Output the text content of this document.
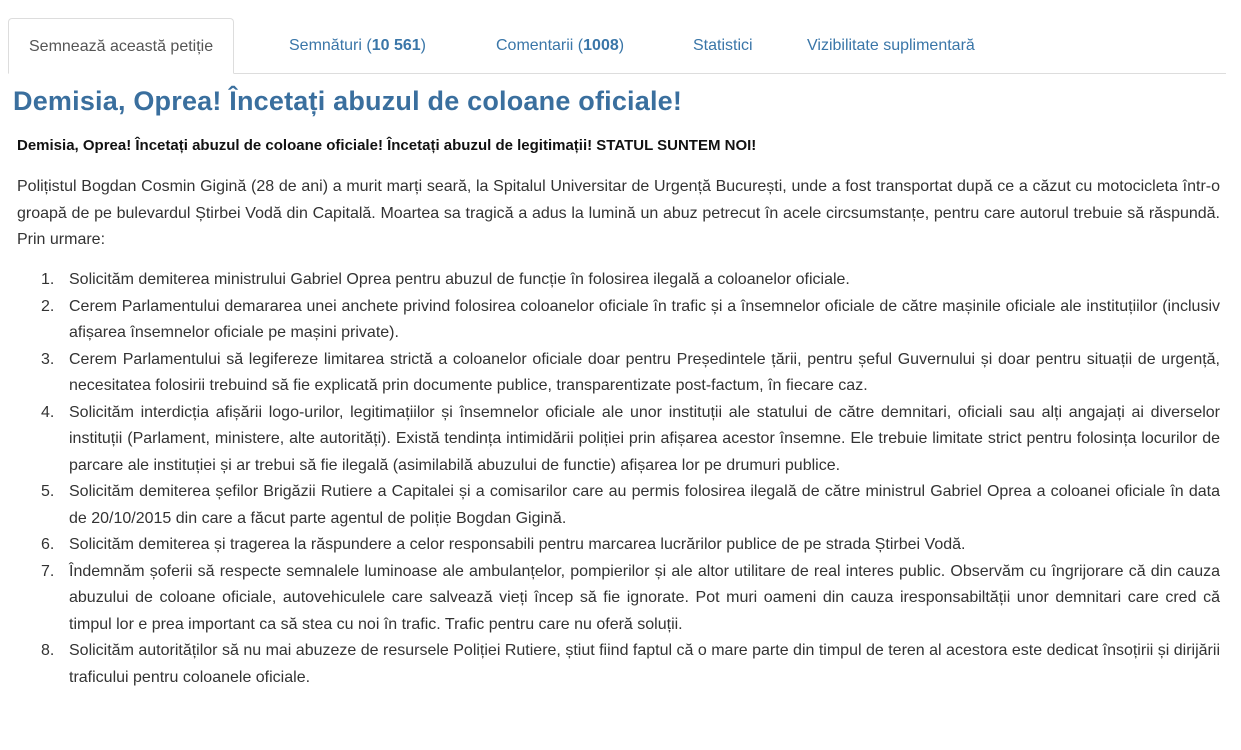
Semnează această petiție	Semnături (10 561)	Comentarii (1008)	Statistici	Vizibilitate suplimentară
Demisia, Oprea! Încetați abuzul de coloane oficiale!
Demisia, Oprea! Încetați abuzul de coloane oficiale! Încetați abuzul de legitimații! STATUL SUNTEM NOI!

Polițistul Bogdan Cosmin Gigină (28 de ani) a murit marți seară, la Spitalul Universitar de Urgență București, unde a fost transportat după ce a căzut cu motocicleta într-o groapă de pe bulevardul Știrbei Vodă din Capitală. Moartea sa tragică a adus la lumină un abuz petrecut în acele circsumstanțe, pentru care autorul trebuie să răspundă. Prin urmare:

1. Solicităm demiterea ministrului Gabriel Oprea pentru abuzul de funcție în folosirea ilegală a coloanelor oficiale.
2. Cerem Parlamentului demararea unei anchete privind folosirea coloanelor oficiale în trafic și a însemnelor oficiale de către mașinile oficiale ale instituțiilor (inclusiv afișarea însemnelor oficiale pe mașini private).
3. Cerem Parlamentului să legifereze limitarea strictă a coloanelor oficiale doar pentru Președintele țării, pentru șeful Guvernului și doar pentru situații de urgență, necesitatea folosirii trebuind să fie explicată prin documente publice, transparentizate post-factum, în fiecare caz.
4. Solicităm interdicția afișării logo-urilor, legitimațiilor și însemnelor oficiale ale unor instituții ale statului de către demnitari, oficiali sau alți angajați ai diverselor instituții (Parlament, ministere, alte autorități). Există tendința intimidării poliției prin afișarea acestor însemne. Ele trebuie limitate strict pentru folosința locurilor de parcare ale instituției și ar trebui să fie ilegală (asimilabilă abuzului de functie) afișarea lor pe drumuri publice.
5. Solicităm demiterea șefilor Brigăzii Rutiere a Capitalei și a comisarilor care au permis folosirea ilegală de către ministrul Gabriel Oprea a coloanei oficiale în data de 20/10/2015 din care a făcut parte agentul de poliție Bogdan Gigină.
6. Solicităm demiterea și tragerea la răspundere a celor responsabili pentru marcarea lucrărilor publice de pe strada Știrbei Vodă.
7. Îndemnăm șoferii să respecte semnalele luminoase ale ambulanțelor, pompierilor și ale altor utilitare de real interes public. Observăm cu îngrijorare că din cauza abuzului de coloane oficiale, autovehiculele care salvează vieți încep să fie ignorate. Pot muri oameni din cauza iresponsabiltății unor demnitari care cred că timpul lor e prea important ca să stea cu noi în trafic. Trafic pentru care nu oferă soluții.
8. Solicităm autorităților să nu mai abuzeze de resursele Poliției Rutiere, știut fiind faptul că o mare parte din timpul de teren al acestora este dedicat însoțirii și dirijării traficului pentru coloanele oficiale.
